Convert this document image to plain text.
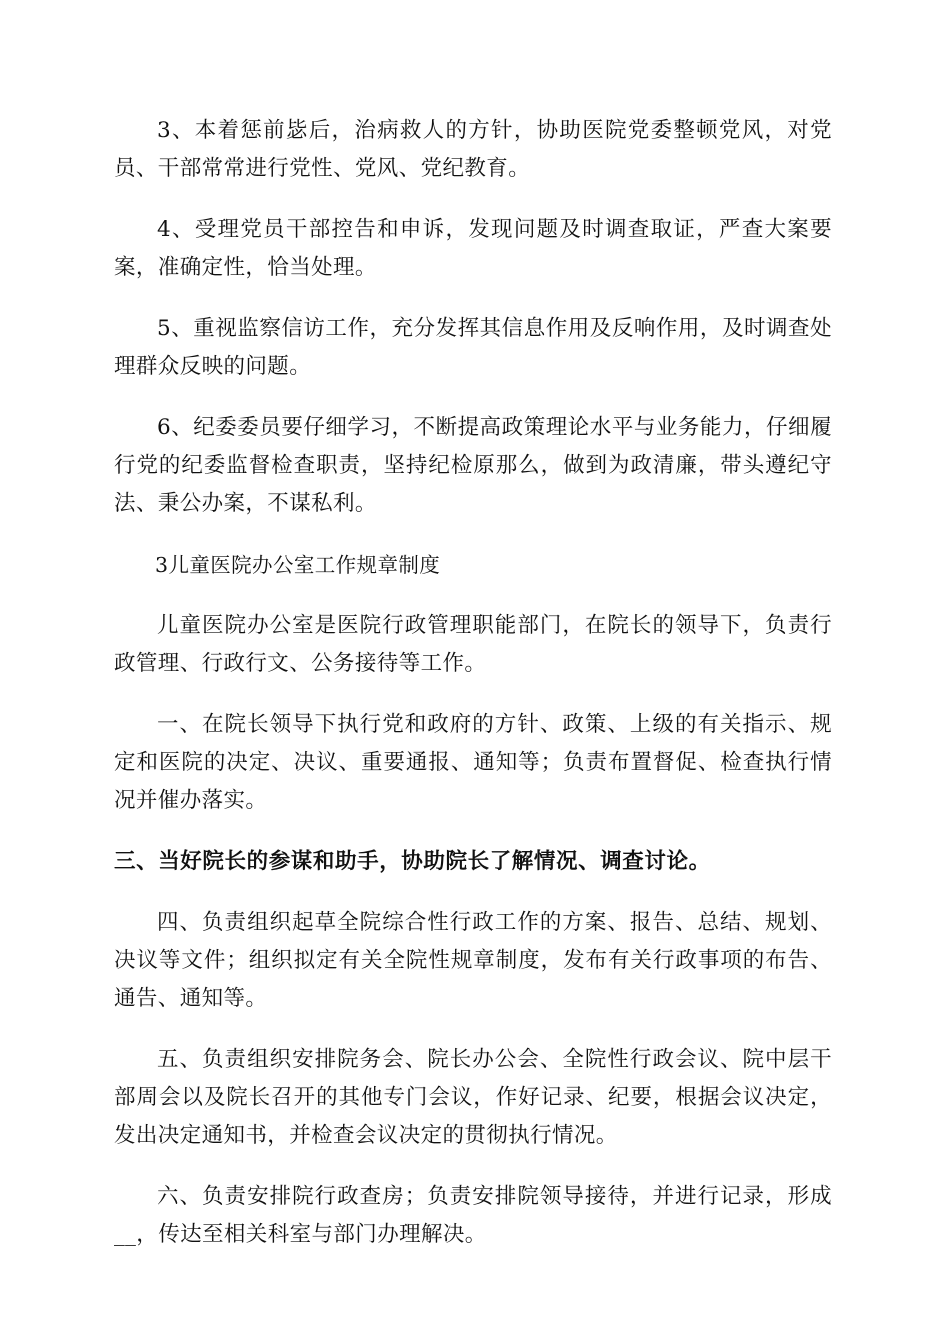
3、本着惩前毖后，治病救人的方针，协助医院党委整顿党风，对党员、干部常常进行党性、党风、党纪教育。

4、受理党员干部控告和申诉，发现问题及时调查取证，严查大案要案，准确定性，恰当处理。

5、重视监察信访工作，充分发挥其信息作用及反响作用，及时调查处理群众反映的问题。

6、纪委委员要仔细学习，不断提高政策理论水平与业务能力，仔细履行党的纪委监督检查职责，坚持纪检原那么，做到为政清廉，带头遵纪守法、秉公办案，不谋私利。

3儿童医院办公室工作规章制度

儿童医院办公室是医院行政管理职能部门，在院长的领导下，负责行政管理、行政行文、公务接待等工作。

一、在院长领导下执行党和政府的方针、政策、上级的有关指示、规定和医院的决定、决议、重要通报、通知等；负责布置督促、检查执行情况并催办落实。

三、当好院长的参谋和助手，协助院长了解情况、调查讨论。

四、负责组织起草全院综合性行政工作的方案、报告、总结、规划、决议等文件；组织拟定有关全院性规章制度，发布有关行政事项的布告、通告、通知等。

五、负责组织安排院务会、院长办公会、全院性行政会议、院中层干部周会以及院长召开的其他专门会议，作好记录、纪要，根据会议决定，发出决定通知书，并检查会议决定的贯彻执行情况。

六、负责安排院行政查房；负责安排院领导接待，并进行记录，形成__，传达至相关科室与部门办理解决。
